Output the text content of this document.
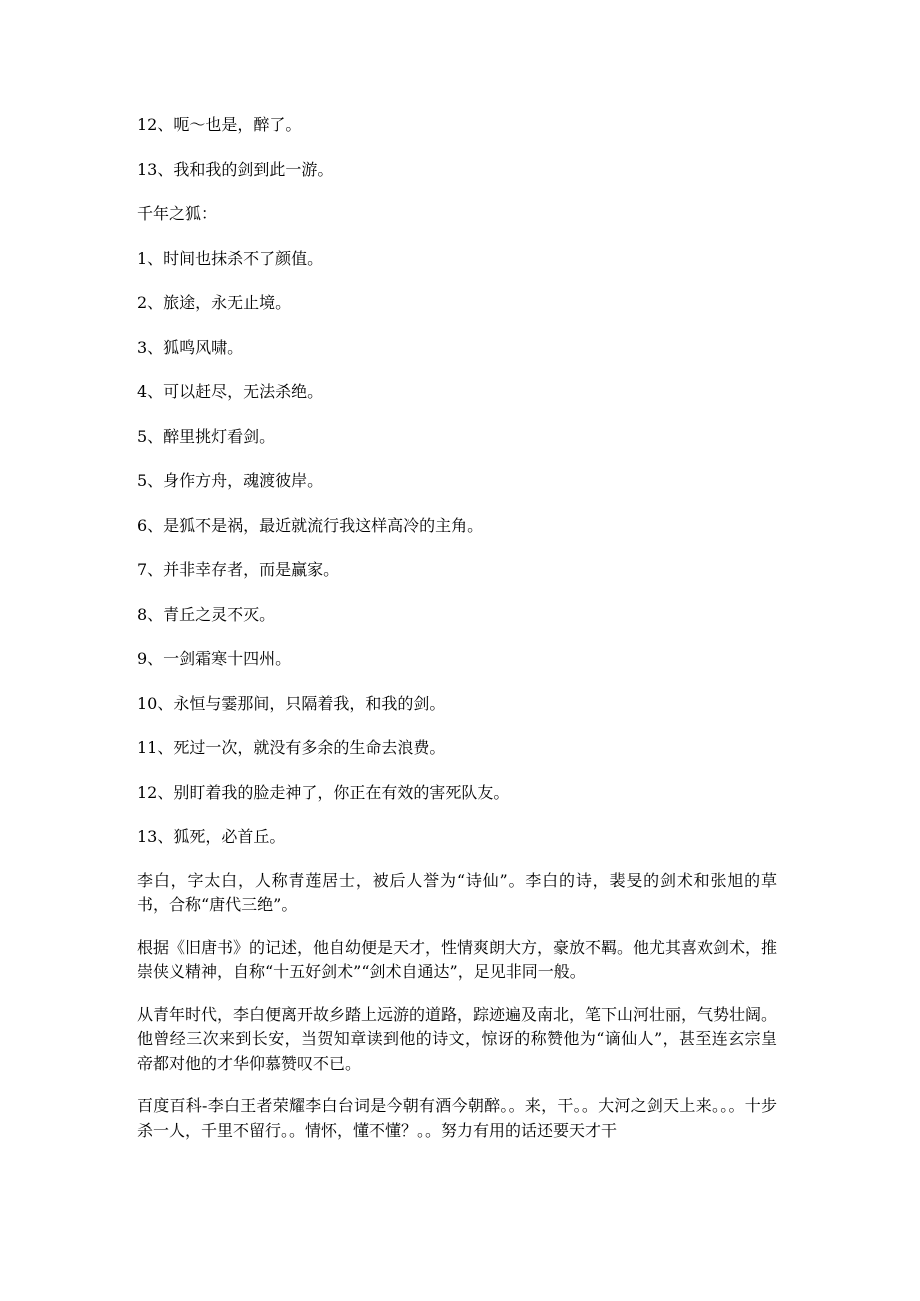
12、呃～也是，醉了。
13、我和我的剑到此一游。
千年之狐：
1、时间也抹杀不了颜值。
2、旅途，永无止境。
3、狐鸣风啸。
4、可以赶尽，无法杀绝。
5、醉里挑灯看剑。
5、身作方舟，魂渡彼岸。
6、是狐不是祸，最近就流行我这样高冷的主角。
7、并非幸存者，而是赢家。
8、青丘之灵不灭。
9、一剑霜寒十四州。
10、永恒与霎那间，只隔着我，和我的剑。
11、死过一次，就没有多余的生命去浪费。
12、别盯着我的脸走神了，你正在有效的害死队友。
13、狐死，必首丘。
李白，字太白，人称青莲居士，被后人誉为“诗仙”。李白的诗，裴旻的剑术和张旭的草书，合称“唐代三绝”。
根据《旧唐书》的记述，他自幼便是天才，性情爽朗大方，豪放不羁。他尤其喜欢剑术，推崇侠义精神，自称“十五好剑术”“剑术自通达”，足见非同一般。
从青年时代，李白便离开故乡踏上远游的道路，踪迹遍及南北，笔下山河壮丽，气势壮阔。他曾经三次来到长安，当贺知章读到他的诗文，惊讶的称赞他为“谪仙人”，甚至连玄宗皇帝都对他的才华仰慕赞叹不已。
百度百科-李白王者荣耀李白台词是今朝有酒今朝醉。。来，干。。大河之剑天上来。。。十步杀一人，千里不留行。。情怀，懂不懂？。。努力有用的话还要天才干
